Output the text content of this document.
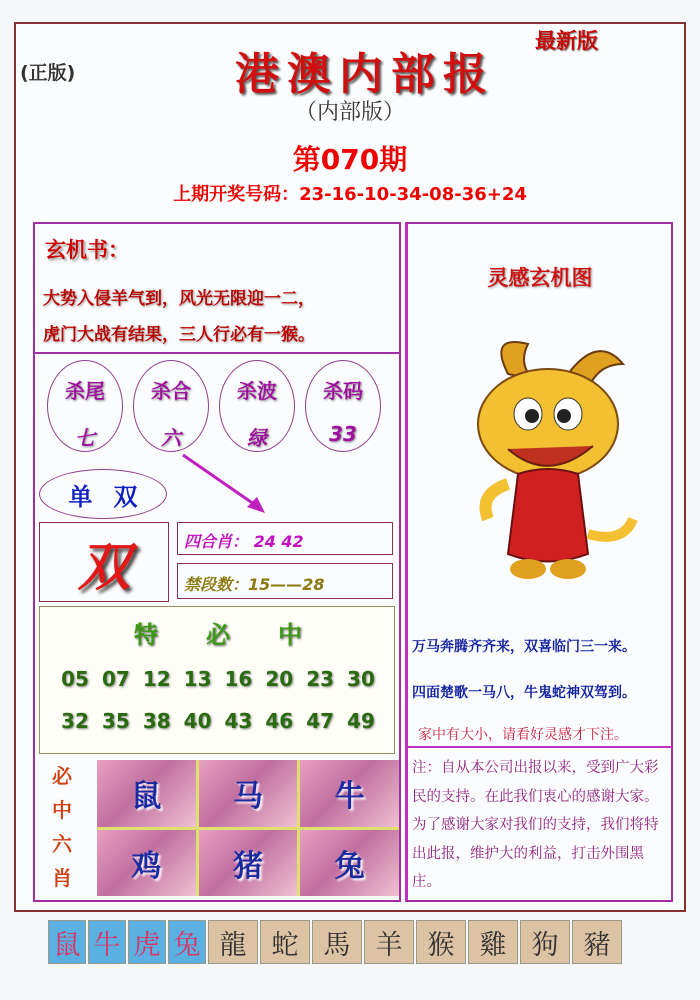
(正版)
最新版
港澳内部报
（内部版）
第070期
上期开奖号码：23-16-10-34-08-36+24
玄机书：
大势入侵羊气到，风光无限迎一二，
虎门大战有结果，三人行必有一猴。
杀尾
七
杀合
六
杀波
绿
杀码
33
单 双
双	四合肖： 24 42
禁段数：15——28
特 必 中
05 07 12 13 16 20 23 30
32 35 38 40 43 46 47 49
必
中
六
肖
鼠	马	牛
鸡	猪	兔
灵感玄机图
万马奔腾齐齐来，双喜临门三一来。
四面楚歌一马八，牛鬼蛇神双驾到。
家中有大小，请看好灵感才下注。
注：自从本公司出报以来，受到广大彩民的支持。在此我们衷心的感谢大家。为了感谢大家对我们的支持，我们将特出此报，维护大的利益，打击外围黑庄。
鼠 牛 虎 兔 龍 蛇 馬 羊 猴 雞 狗 豬
